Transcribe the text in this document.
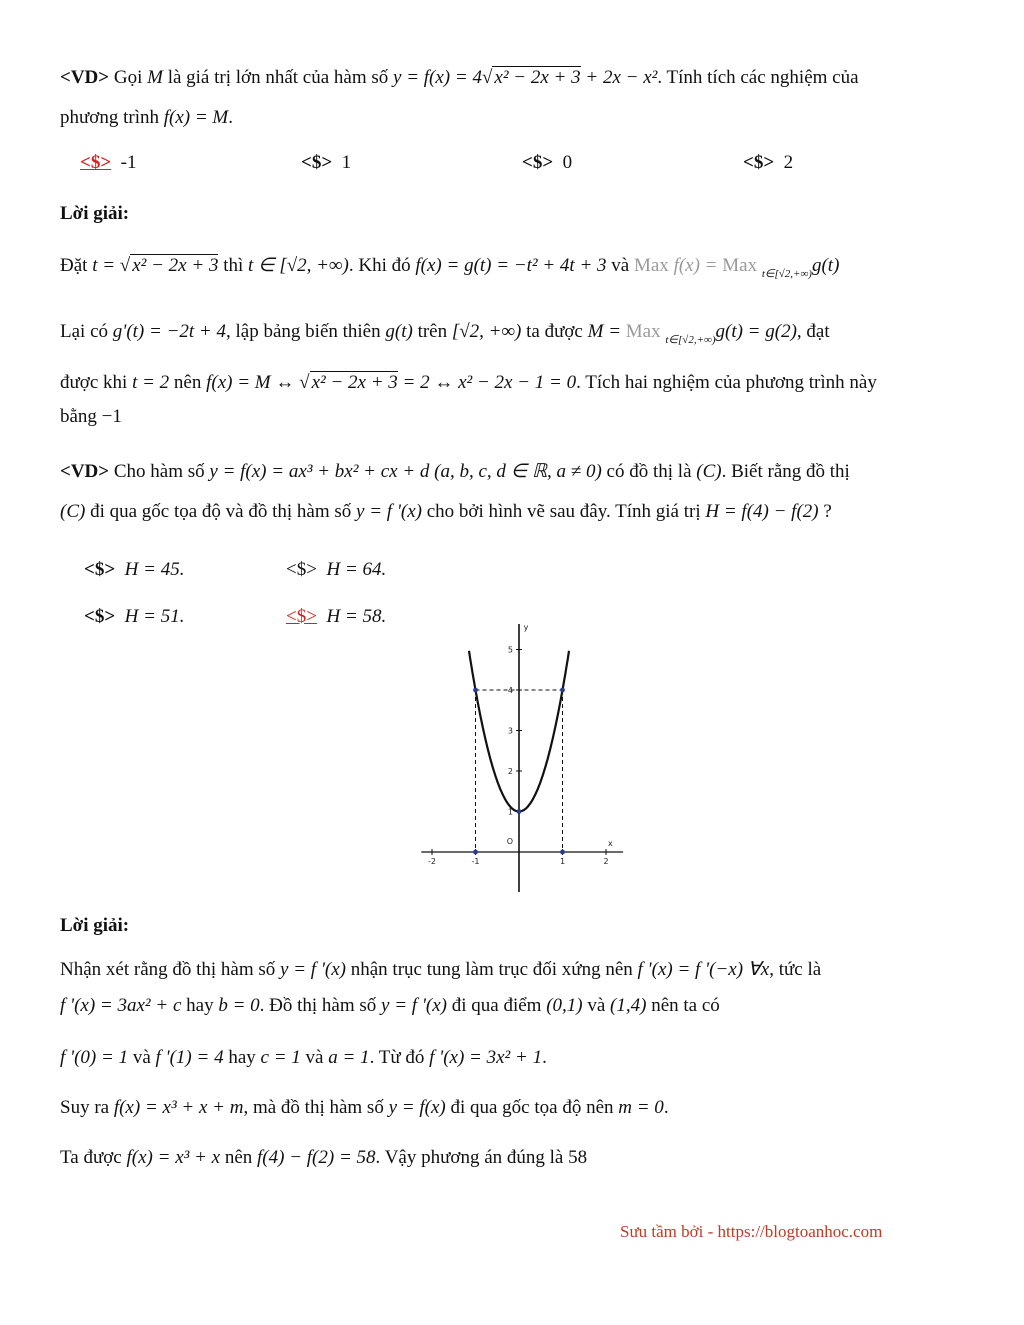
<VD> Gọi M là giá trị lớn nhất của hàm số y = f(x) = 4√ x² − 2x + 3 + 2x − x². Tính tích các nghiệm của
phương trình f(x) = M.

<$> -1	<$> 1	<$> 0	<$> 2

Lời giải:

Đặt t = √ x² − 2x + 3 thì t ∈ [√2, +∞). Khi đó f(x) = g(t) = −t² + 4t + 3 và Max f(x) = Max $_{t\in[√2,+\infty)}$g(t)

Lại có g'(t) = −2t + 4, lập bảng biến thiên g(t) trên [√2, +∞) ta được M = Max $_{t\in[√2,+\infty)}$g(t) = g(2), đạt

được khi t = 2 nên f(x) = M ↔ √ x² − 2x + 3 = 2 ↔ x² − 2x − 1 = 0. Tích hai nghiệm của phương trình này
bằng −1

<VD> Cho hàm số y = f(x) = ax³ + bx² + cx + d (a, b, c, d ∈ ℝ, a ≠ 0) có đồ thị là (C). Biết rằng đồ thị
(C) đi qua gốc tọa độ và đồ thị hàm số y = f '(x) cho bởi hình vẽ sau đây. Tính giá trị H = f(4) − f(2) ?

<$> H = 45.	<$> H = 64.
<$> H = 51.	<$> H = 58.
-2	-1	1	2
1
2
3
4
5
O	x
y

Lời giải:

Nhận xét rằng đồ thị hàm số y = f '(x) nhận trục tung làm trục đối xứng nên f '(x) = f '(−x) ∀x, tức là
f '(x) = 3ax² + c hay b = 0. Đồ thị hàm số y = f '(x) đi qua điểm (0,1) và (1,4) nên ta có

f '(0) = 1 và f '(1) = 4 hay c = 1 và a = 1. Từ đó f '(x) = 3x² + 1.

Suy ra f(x) = x³ + x + m, mà đồ thị hàm số y = f(x) đi qua gốc tọa độ nên m = 0.

Ta được f(x) = x³ + x nên f(4) − f(2) = 58. Vậy phương án đúng là 58

Sưu tầm bởi - https://blogtoanhoc.com
